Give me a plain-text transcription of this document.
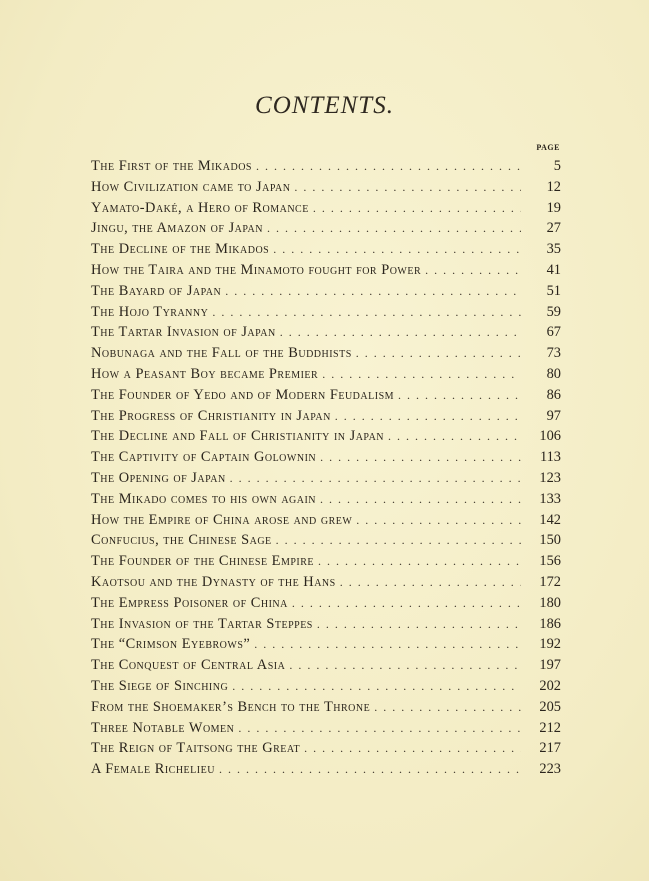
CONTENTS.
PAGE
The First of the Mikados . . .	5
How Civilization came to Japan . . .	12
Yamato-Daké, a Hero of Romance . . .	19
Jingu, the Amazon of Japan . . .	27
The Decline of the Mikados . . .	35
How the Taira and the Minamoto fought for Power . . .	41
The Bayard of Japan . . .	51
The Hojo Tyranny . . .	59
The Tartar Invasion of Japan . . .	67
Nobunaga and the Fall of the Buddhists . . .	73
How a Peasant Boy became Premier . . .	80
The Founder of Yedo and of Modern Feudalism . . .	86
The Progress of Christianity in Japan . . .	97
The Decline and Fall of Christianity in Japan . . .	106
The Captivity of Captain Golownin . . .	113
The Opening of Japan . . .	123
The Mikado comes to his own again . . .	133
How the Empire of China arose and grew . . .	142
Confucius, the Chinese Sage . . .	150
The Founder of the Chinese Empire . . .	156
Kaotsou and the Dynasty of the Hans . . .	172
The Empress Poisoner of China . . .	180
The Invasion of the Tartar Steppes . . .	186
The “Crimson Eyebrows” . . .	192
The Conquest of Central Asia . . .	197
The Siege of Sinching . . .	202
From the Shoemaker’s Bench to the Throne . . .	205
Three Notable Women . . .	212
The Reign of Taitsong the Great . . .	217
A Female Richelieu . . .	223
